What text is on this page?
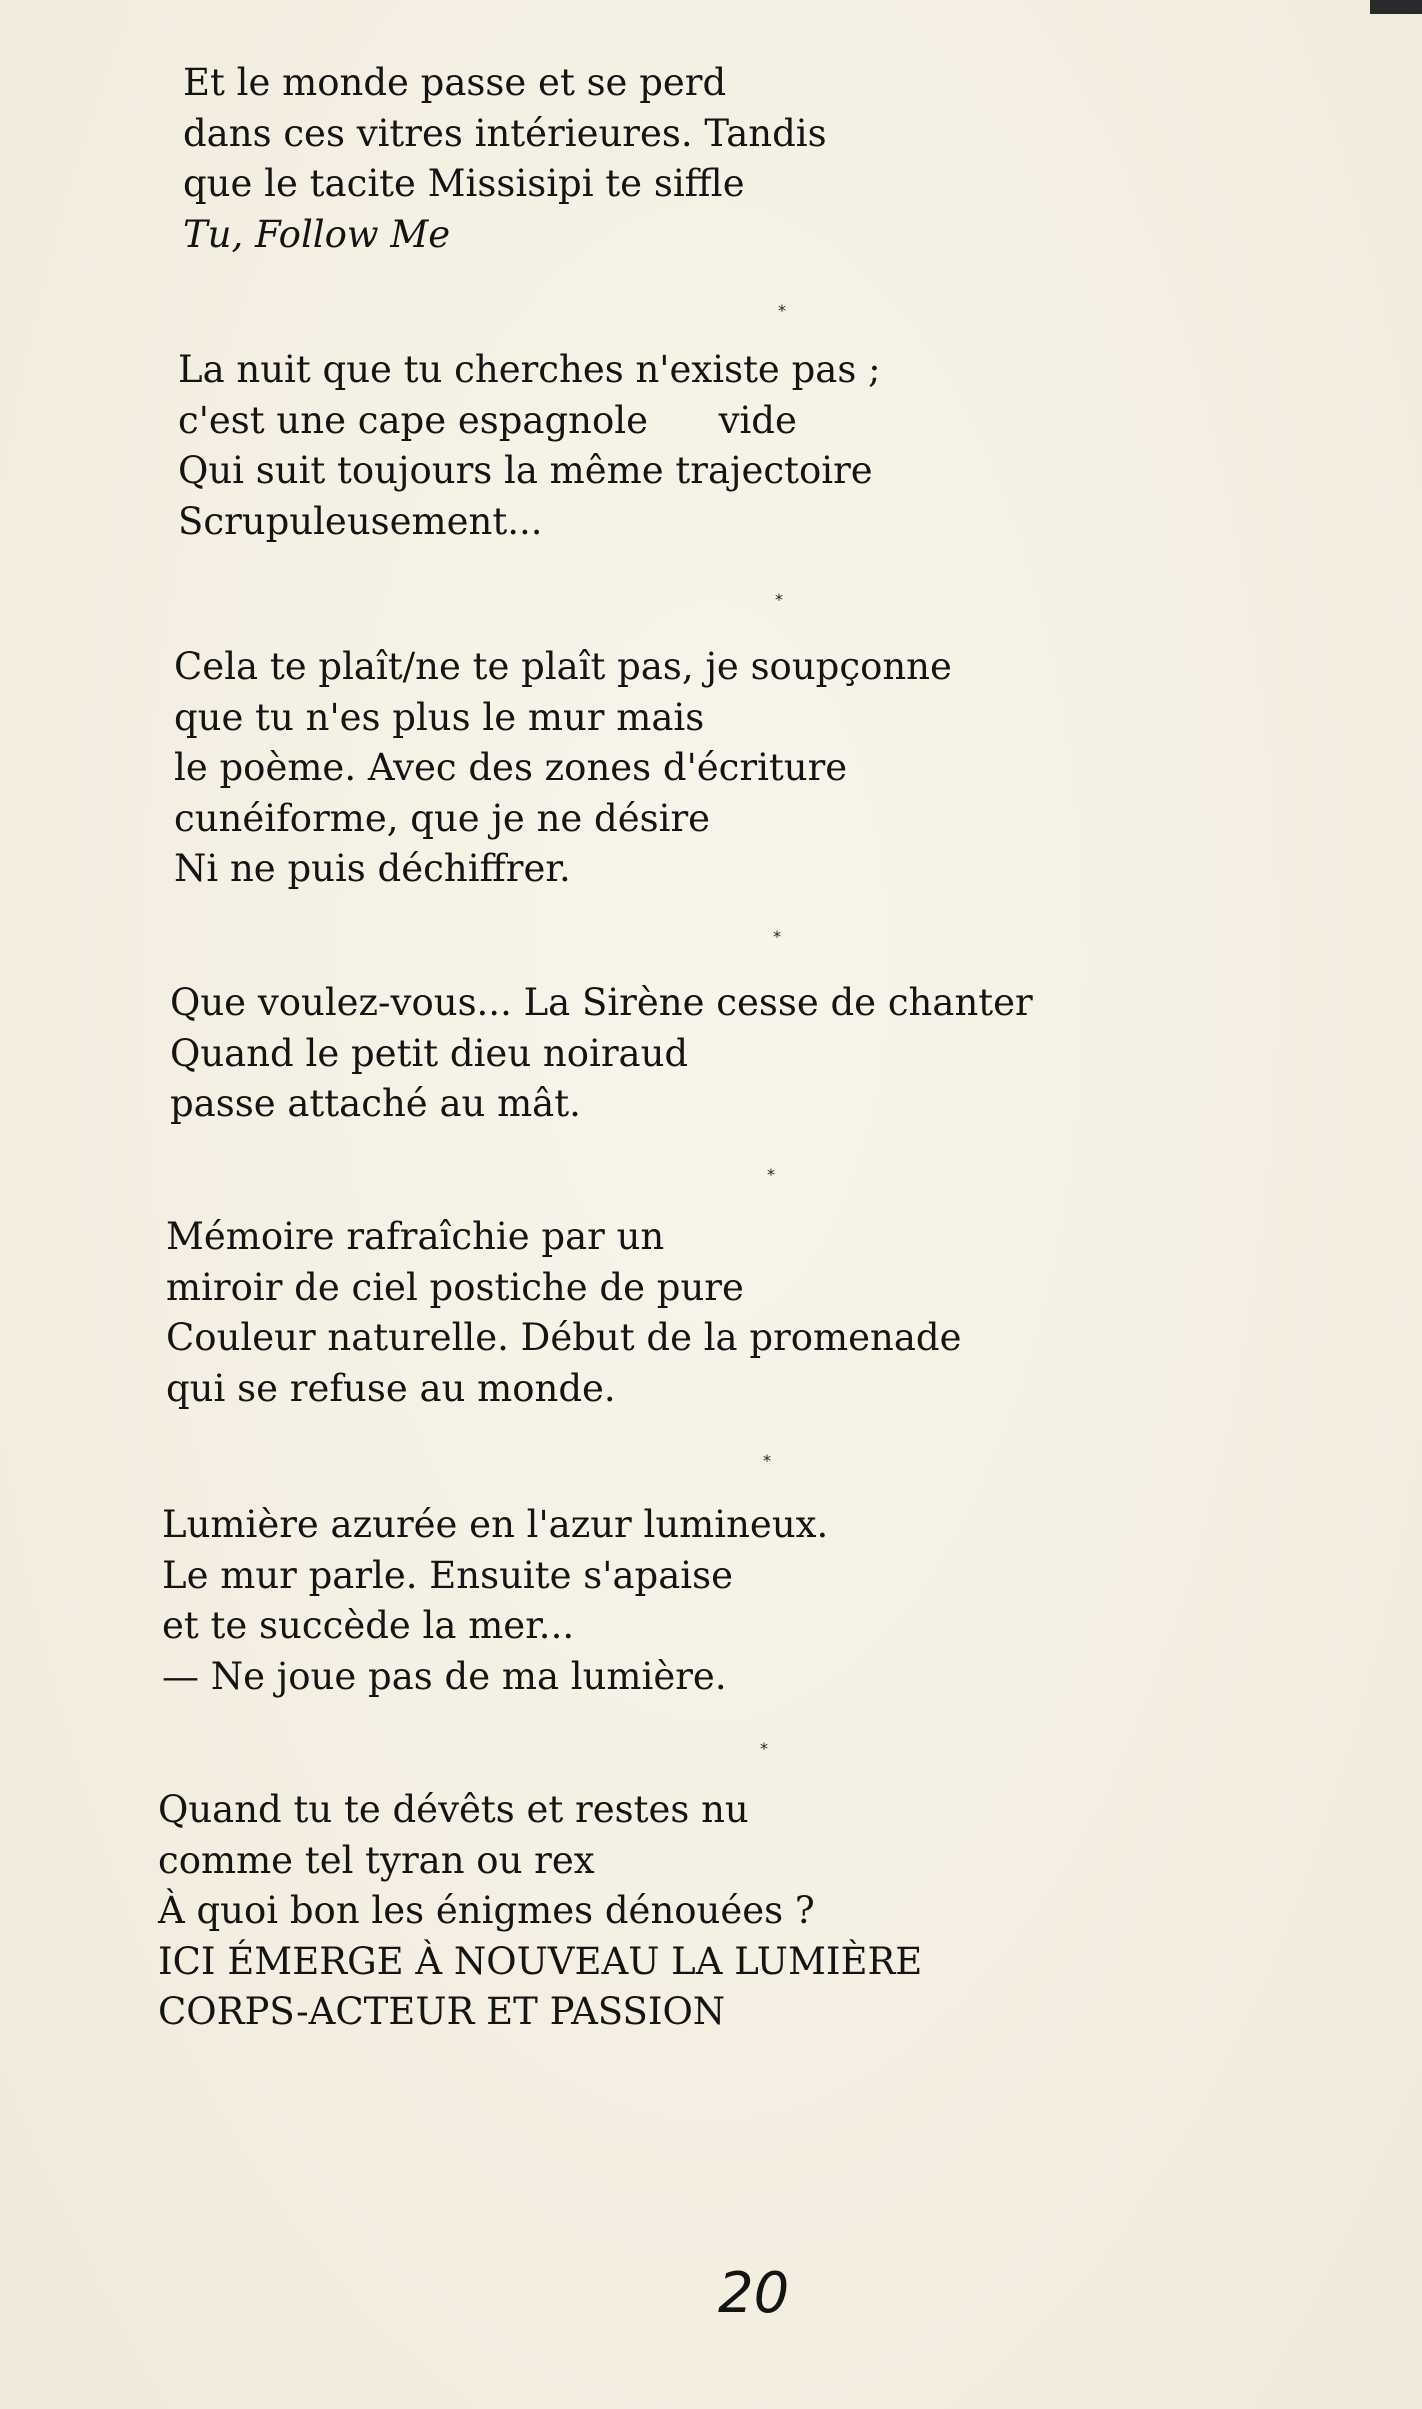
Et le monde passe et se perd
dans ces vitres intérieures. Tandis
que le tacite Missisipi te siffle
Tu, Follow Me
*
La nuit que tu cherches n'existe pas ;
c'est une cape espagnole      vide
Qui suit toujours la même trajectoire
Scrupuleusement...
*
Cela te plaît/ne te plaît pas, je soupçonne
que tu n'es plus le mur mais
le poème. Avec des zones d'écriture
cunéiforme, que je ne désire
Ni ne puis déchiffrer.
*
Que voulez-vous... La Sirène cesse de chanter
Quand le petit dieu noiraud
passe attaché au mât.
*
Mémoire rafraîchie par un
miroir de ciel postiche de pure
Couleur naturelle. Début de la promenade
qui se refuse au monde.
*
Lumière azurée en l'azur lumineux.
Le mur parle. Ensuite s'apaise
et te succède la mer...
— Ne joue pas de ma lumière.
*
Quand tu te dévêts et restes nu
comme tel tyran ou rex
À quoi bon les énigmes dénouées ?
ICI ÉMERGE À NOUVEAU LA LUMIÈRE
CORPS-ACTEUR ET PASSION
20
